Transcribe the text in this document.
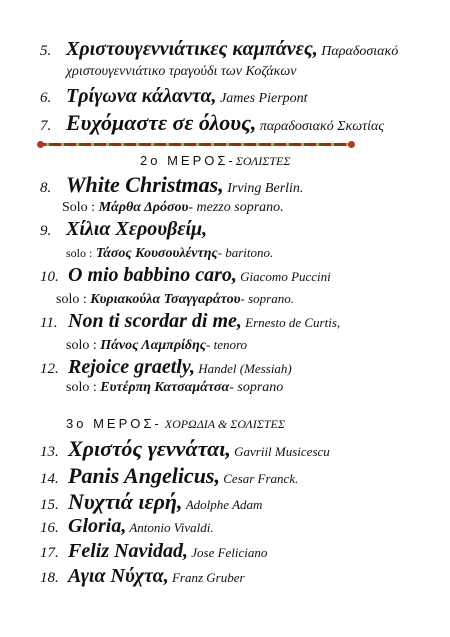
5. Χριστουγεννιάτικες καμπάνες, Παραδοσιακό
χριστουγεννιάτικο τραγούδι των Κοζάκων
6. Τρίγωνα κάλαντα, James Pierpont
7. Ευχόμαστε σε όλους, παραδοσιακό Σκωτίας
2ο ΜΕΡΟΣ-ΣΟΛΙΣΤΕΣ
8. White Christmas, Irving Berlin.
Solo : Μάρθα Δρόσου- mezzo soprano.
9. Χίλια Χερουβείμ,
solo : Τάσος Κουσουλέντης- baritono.
10. O mio babbino caro, Giacomo Puccini
solo : Κυριακούλα Τσαγγαράτου- soprano.
11. Non ti scordar di me, Ernesto de Curtis,
solo : Πάνος Λαμπρίδης- tenoro
12. Rejoice graetly, Handel (Messiah)
solo : Ευτέρπη Κατσαμάτσα- soprano
3ο ΜΕΡΟΣ- ΧΟΡΩΔΙΑ & ΣΟΛΙΣΤΕΣ
13. Χριστός γεννάται, Gavriil Musicescu
14. Panis Angelicus, Cesar Franck.
15. Νυχτιά ιερή, Adolphe Adam
16. Gloria, Antonio Vivaldi.
17. Feliz Navidad, Jose Feliciano
18. Αγια Νύχτα, Franz Gruber
